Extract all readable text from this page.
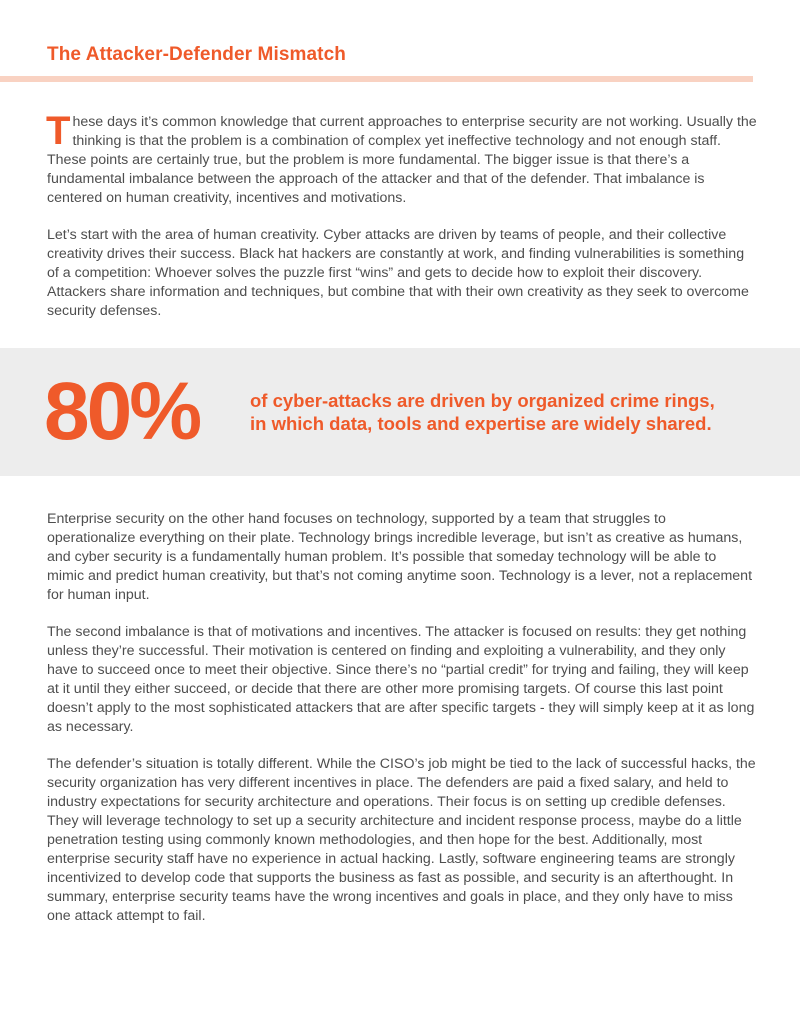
The Attacker-Defender Mismatch

These days it’s common knowledge that current approaches to enterprise security are not working. Usually the thinking is that the problem is a combination of complex yet ineffective technology and not enough staff. These points are certainly true, but the problem is more fundamental. The bigger issue is that there’s a fundamental imbalance between the approach of the attacker and that of the defender. That imbalance is centered on human creativity, incentives and motivations.

Let’s start with the area of human creativity. Cyber attacks are driven by teams of people, and their collective creativity drives their success. Black hat hackers are constantly at work, and finding vulnerabilities is something of a competition: Whoever solves the puzzle first “wins” and gets to decide how to exploit their discovery. Attackers share information and techniques, but combine that with their own creativity as they seek to overcome security defenses.

80%	of cyber-attacks are driven by organized crime rings,
in which data, tools and expertise are widely shared.

Enterprise security on the other hand focuses on technology, supported by a team that struggles to operationalize everything on their plate. Technology brings incredible leverage, but isn’t as creative as humans, and cyber security is a fundamentally human problem. It’s possible that someday technology will be able to mimic and predict human creativity, but that’s not coming anytime soon. Technology is a lever, not a replacement for human input.

The second imbalance is that of motivations and incentives. The attacker is focused on results: they get nothing unless they’re successful. Their motivation is centered on finding and exploiting a vulnerability, and they only have to succeed once to meet their objective. Since there’s no “partial credit” for trying and failing, they will keep at it until they either succeed, or decide that there are other more promising targets. Of course this last point doesn’t apply to the most sophisticated attackers that are after specific targets - they will simply keep at it as long as necessary.

The defender’s situation is totally different. While the CISO’s job might be tied to the lack of successful hacks, the security organization has very different incentives in place. The defenders are paid a fixed salary, and held to industry expectations for security architecture and operations. Their focus is on setting up credible defenses. They will leverage technology to set up a security architecture and incident response process, maybe do a little penetration testing using commonly known methodologies, and then hope for the best. Additionally, most enterprise security staff have no experience in actual hacking. Lastly, software engineering teams are strongly incentivized to develop code that supports the business as fast as possible, and security is an afterthought. In summary, enterprise security teams have the wrong incentives and goals in place, and they only have to miss one attack attempt to fail.
